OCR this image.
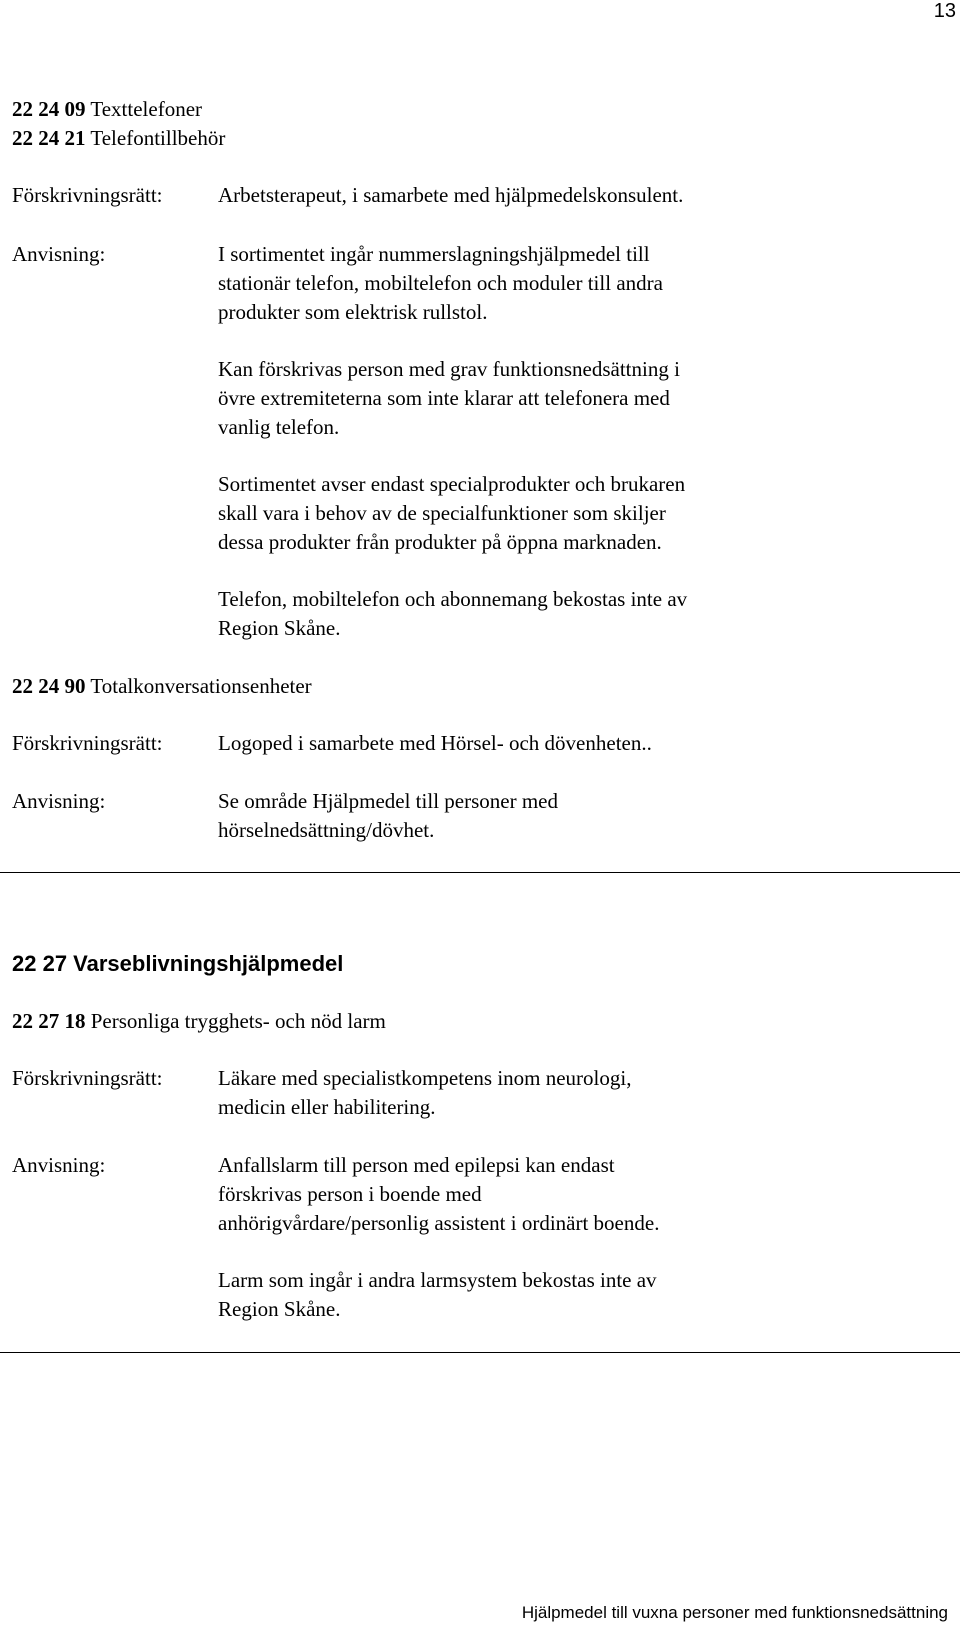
13
22 24 09 Texttelefoner
22 24 21 Telefontillbehör
Förskrivningsrätt:	Arbetsterapeut, i samarbete med hjälpmedelskonsulent.
Anvisning:	I sortimentet ingår nummerslagningshjälpmedel till
stationär telefon, mobiltelefon och moduler till andra
produkter som elektrisk rullstol.
Kan förskrivas person med grav funktionsnedsättning i
övre extremiteterna som inte klarar att telefonera med
vanlig telefon.
Sortimentet avser endast specialprodukter och brukaren
skall vara i behov av de specialfunktioner som skiljer
dessa produkter från produkter på öppna marknaden.
Telefon, mobiltelefon och abonnemang bekostas inte av
Region Skåne.
22 24 90 Totalkonversationsenheter
Förskrivningsrätt:	Logoped i samarbete med Hörsel- och dövenheten..
Anvisning:	Se område Hjälpmedel till personer med
hörselnedsättning/dövhet.
22 27 Varseblivningshjälpmedel
22 27 18 Personliga trygghets- och nöd larm
Förskrivningsrätt:	Läkare med specialistkompetens inom neurologi,
medicin eller habilitering.
Anvisning:	Anfallslarm till person med epilepsi kan endast
förskrivas person i boende med
anhörigvårdare/personlig assistent i ordinärt boende.
Larm som ingår i andra larmsystem bekostas inte av
Region Skåne.
Hjälpmedel till vuxna personer med funktionsnedsättning
